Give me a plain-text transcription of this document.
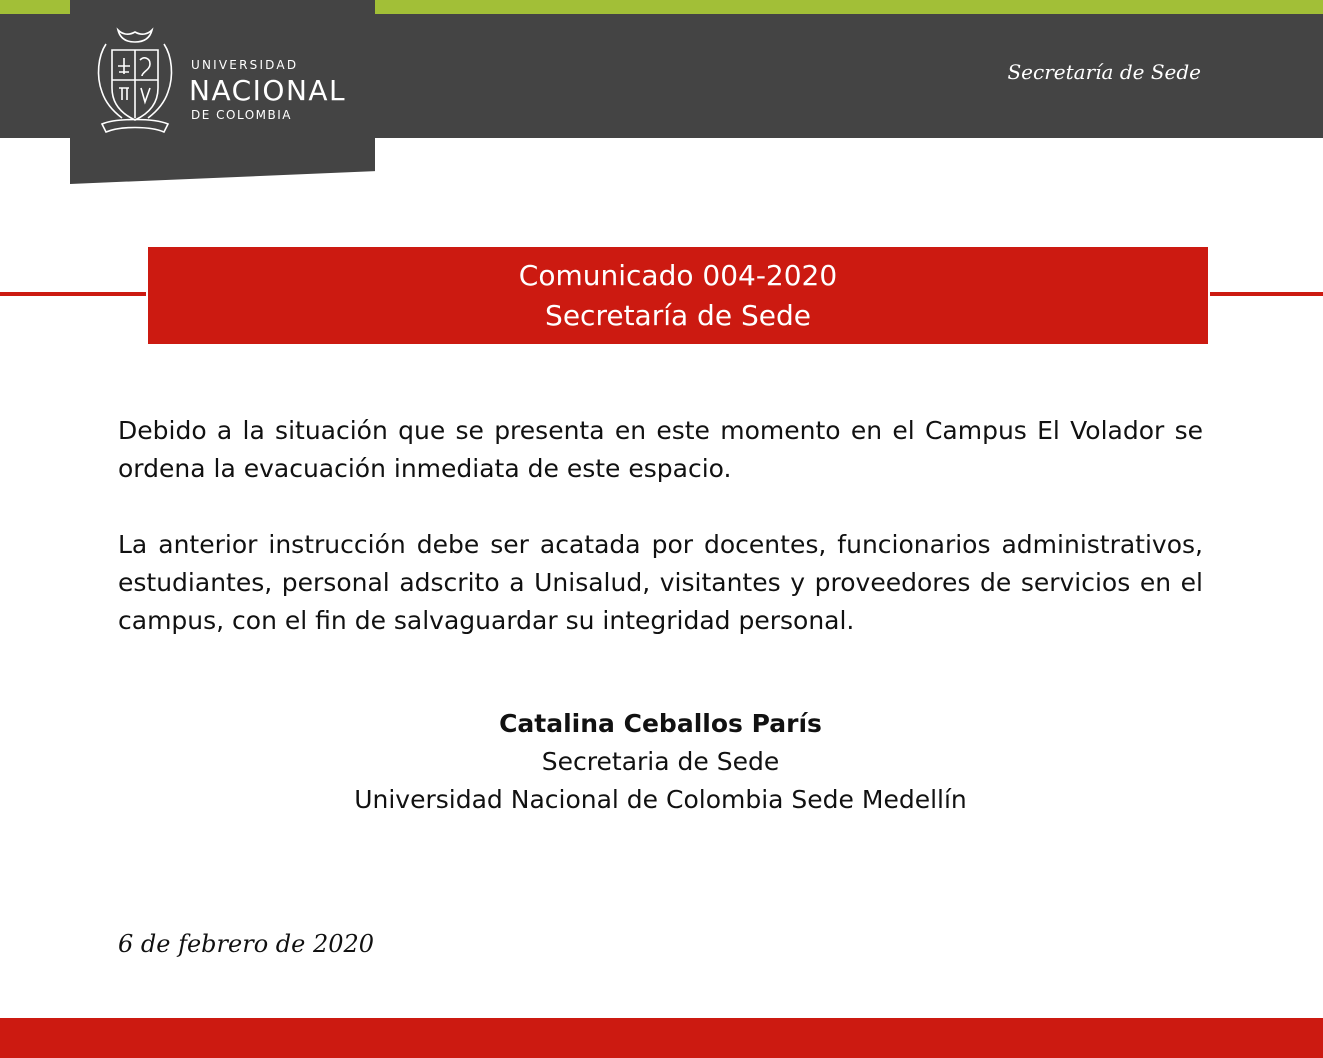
UNIVERSIDAD
NACIONAL
DE COLOMBIA
Secretaría de Sede
Comunicado 004-2020
Secretaría de Sede

Debido a la situación que se presenta en este momento en el Campus El Volador se ordena la evacuación inmediata de este espacio.

La anterior instrucción debe ser acatada por docentes, funcionarios administrativos, estudiantes, personal adscrito a Unisalud, visitantes y proveedores de servicios en el campus, con el fin de salvaguardar su integridad personal.

Catalina Ceballos París
Secretaria de Sede
Universidad Nacional de Colombia Sede Medellín
6 de febrero de 2020
